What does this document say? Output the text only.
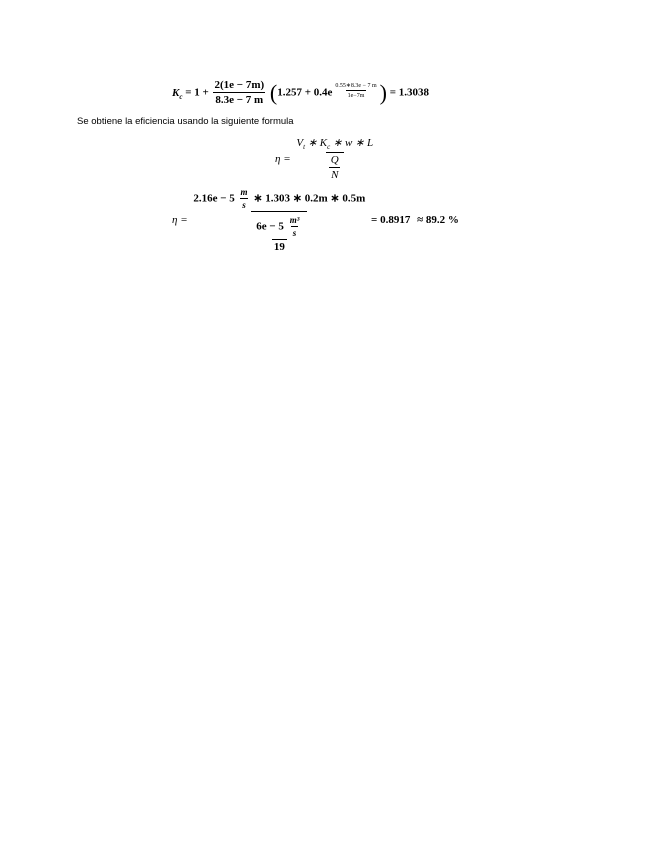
$K_c = 1 + \frac{2(1e - 7m)}{8.3e - 7 m} (1.257 + 0.4e \frac{0.55∗8.3e - 7 m}{1e-7m}$ ) = 1.3038
Se obtiene la eficiencia usando la siguiente formula
$\eta = \frac{V_t ∗ K_c ∗ w ∗ L}{\frac{Q}{N}}$
η =
$2.16e - 5 \frac{m}{s}$ ∗ 1.303 ∗ 0.2m ∗ 0.5m
$\frac{6e - 5 \frac{\text{m³}}{s}}{19}$	= 0.8917 ≈ 89.2 %
